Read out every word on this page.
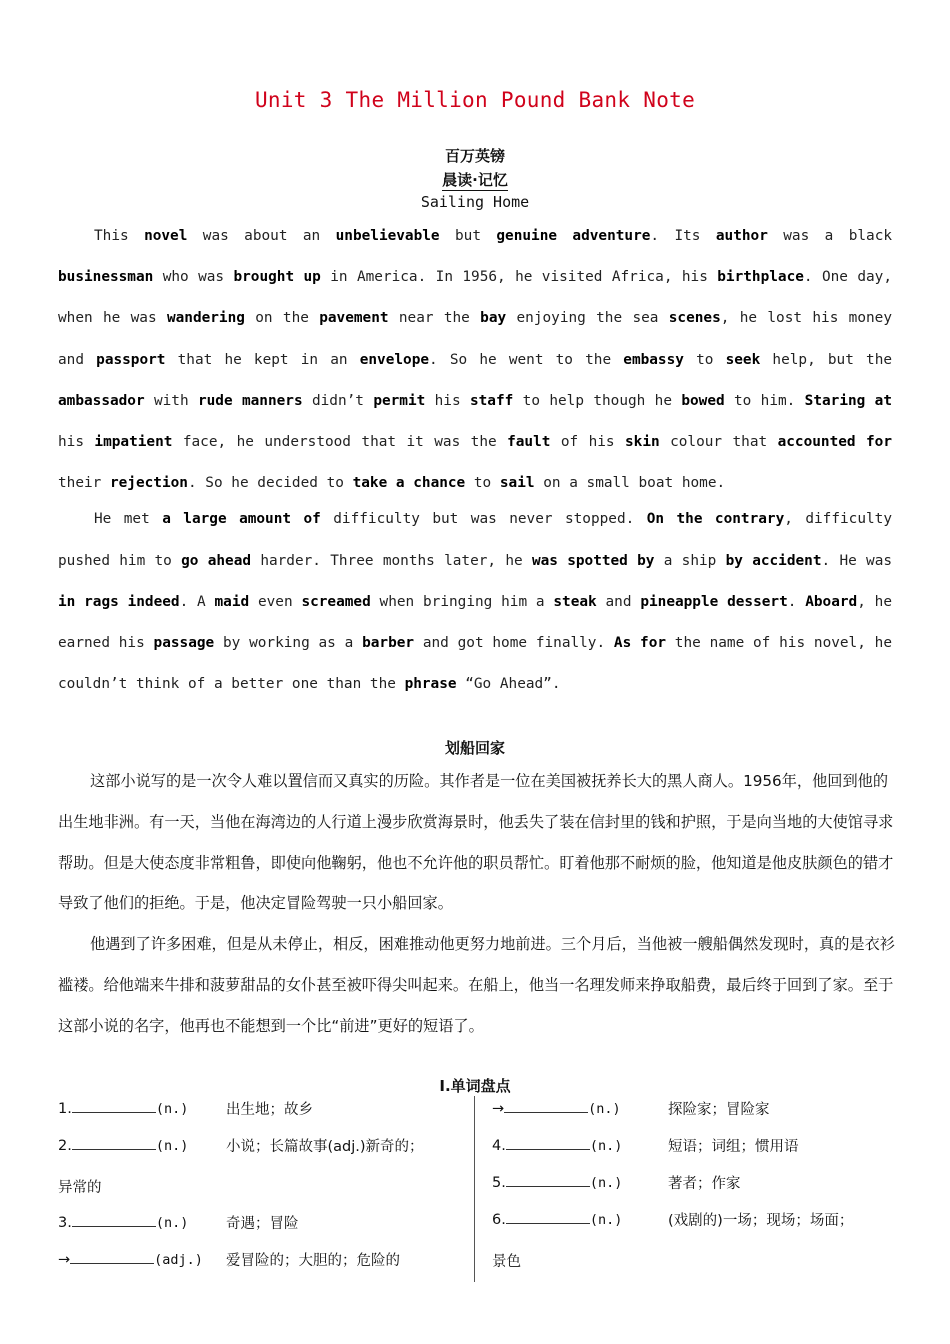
Unit 3 The Million Pound Bank Note
百万英镑
晨读·记忆
Sailing Home

This novel was about an unbelievable but genuine adventure. Its author was a black businessman who was brought up in America. In 1956, he visited Africa, his birthplace. One day, when he was wandering on the pavement near the bay enjoying the sea scenes, he lost his money and passport that he kept in an envelope. So he went to the embassy to seek help, but the ambassador with rude manners didn’t permit his staff to help though he bowed to him. Staring at his impatient face, he understood that it was the fault of his skin colour that accounted for their rejection. So he decided to take a chance to sail on a small boat home.

He met a large amount of difficulty but was never stopped. On the contrary, difficulty pushed him to go ahead harder. Three months later, he was spotted by a ship by accident. He was in rags indeed. A maid even screamed when bringing him a steak and pineapple dessert. Aboard, he earned his passage by working as a barber and got home finally. As for the name of his novel, he couldn’t think of a better one than the phrase “Go Ahead”.

划船回家

这部小说写的是一次令人难以置信而又真实的历险。其作者是一位在美国被抚养长大的黑人商人。1956年，他回到他的出生地非洲。有一天，当他在海湾边的人行道上漫步欣赏海景时，他丢失了装在信封里的钱和护照，于是向当地的大使馆寻求帮助。但是大使态度非常粗鲁，即使向他鞠躬，他也不允许他的职员帮忙。盯着他那不耐烦的脸，他知道是他皮肤颜色的错才导致了他们的拒绝。于是，他决定冒险驾驶一只小船回家。

他遇到了许多困难，但是从未停止，相反，困难推动他更努力地前进。三个月后，当他被一艘船偶然发现时，真的是衣衫褴褛。给他端来牛排和菠萝甜品的女仆甚至被吓得尖叫起来。在船上，他当一名理发师来挣取船费，最后终于回到了家。至于这部小说的名字，他再也不能想到一个比“前进”更好的短语了。

I.单词盘点
1.	(n.)	出生地；故乡
2.	(n.)	小说；长篇故事(adj.)新奇的；
异常的
3.	(n.)	奇遇；冒险
→	(adj.) 爱冒险的；大胆的；危险的
→	(n.)	探险家；冒险家
4.	(n.)	短语；词组；惯用语
5.	(n.)	著者；作家
6.	(n.)	(戏剧的)一场；现场；场面；
景色
